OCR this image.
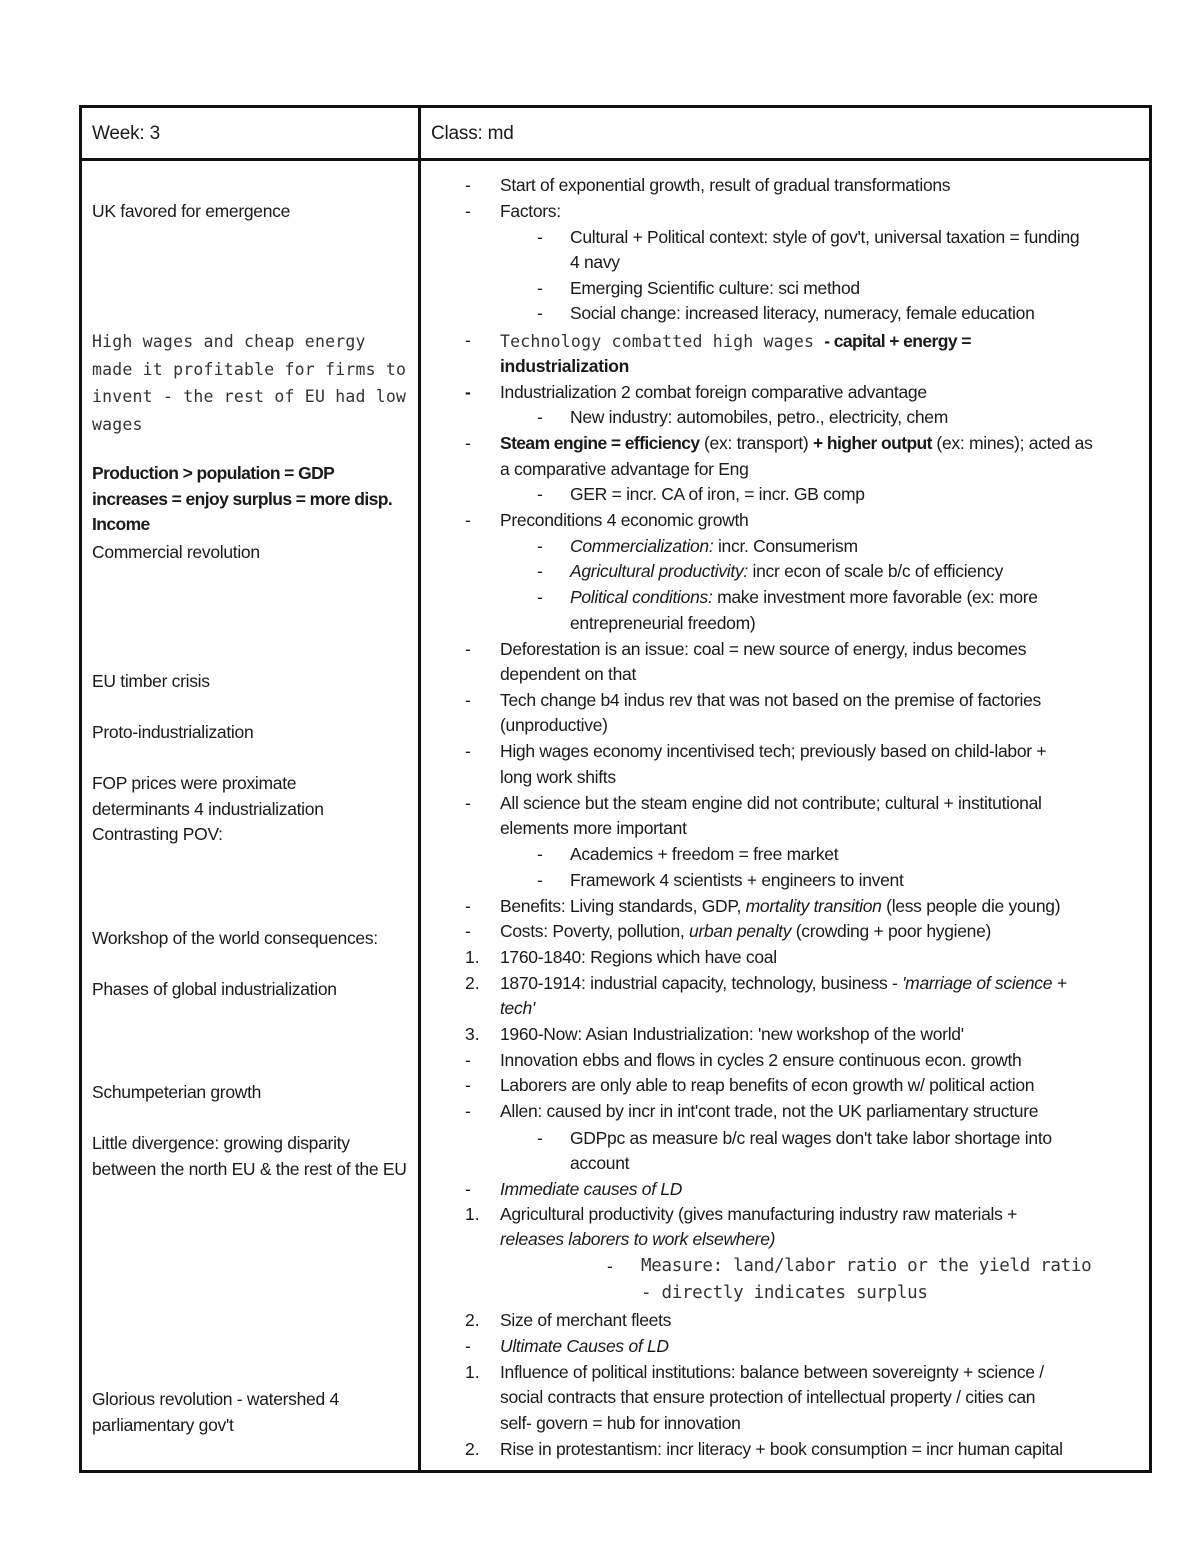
Week: 3	Class: md
UK favored for emergence
High wages and cheap energy made it profitable for firms to invent - the rest of EU had low wages
Production > population = GDP increases = enjoy surplus = more disp. Income
Commercial revolution
EU timber crisis
Proto-industrialization
FOP prices were proximate determinants 4 industrialization
Contrasting POV:
Workshop of the world consequences:
Phases of global industrialization
Schumpeterian growth
Little divergence: growing disparity between the north EU & the rest of the EU
Glorious revolution - watershed 4 parliamentary gov't
- Start of exponential growth, result of gradual transformations
- Factors:
- Cultural + Political context: style of gov't, universal taxation = funding
4 navy
- Emerging Scientific culture: sci method
- Social change: increased literacy, numeracy, female education
- Technology combatted high wages - capital + energy =
industrialization
- Industrialization 2 combat foreign comparative advantage
- New industry: automobiles, petro., electricity, chem
- Steam engine = efficiency (ex: transport) + higher output (ex: mines); acted as
a comparative advantage for Eng
- GER = incr. CA of iron, = incr. GB comp
- Preconditions 4 economic growth
- Commercialization: incr. Consumerism
- Agricultural productivity: incr econ of scale b/c of efficiency
- Political conditions: make investment more favorable (ex: more
entrepreneurial freedom)
- Deforestation is an issue: coal = new source of energy, indus becomes
dependent on that
- Tech change b4 indus rev that was not based on the premise of factories
(unproductive)
- High wages economy incentivised tech; previously based on child-labor +
long work shifts
- All science but the steam engine did not contribute; cultural + institutional
elements more important
- Academics + freedom = free market
- Framework 4 scientists + engineers to invent
- Benefits: Living standards, GDP, mortality transition (less people die young)
- Costs: Poverty, pollution, urban penalty (crowding + poor hygiene)
1. 1760-1840: Regions which have coal
2. 1870-1914: industrial capacity, technology, business - 'marriage of science +
tech'
3. 1960-Now: Asian Industrialization: 'new workshop of the world'
- Innovation ebbs and flows in cycles 2 ensure continuous econ. growth
- Laborers are only able to reap benefits of econ growth w/ political action
- Allen: caused by incr in int'cont trade, not the UK parliamentary structure
- GDPpc as measure b/c real wages don't take labor shortage into
account
- Immediate causes of LD
1. Agricultural productivity (gives manufacturing industry raw materials +
releases laborers to work elsewhere)
- Measure: land/labor ratio or the yield ratio
- directly indicates surplus
2. Size of merchant fleets
- Ultimate Causes of LD
1. Influence of political institutions: balance between sovereignty + science /
social contracts that ensure protection of intellectual property / cities can
self- govern = hub for innovation
2. Rise in protestantism: incr literacy + book consumption = incr human capital
